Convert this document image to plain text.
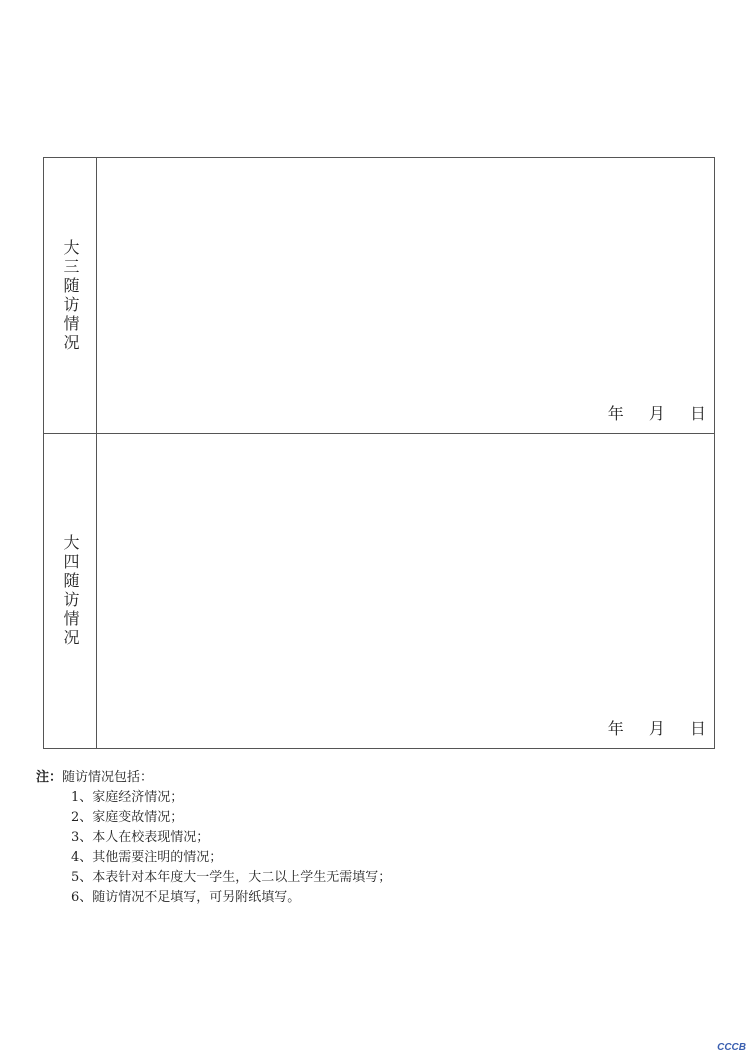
大三随访情况
年 月 日
大四随访情况
年 月 日
注：随访情况包括：
1、家庭经济情况；
2、家庭变故情况；
3、本人在校表现情况；
4、其他需要注明的情况；
5、本表针对本年度大一学生，大二以上学生无需填写；
6、随访情况不足填写，可另附纸填写。
CCCB
